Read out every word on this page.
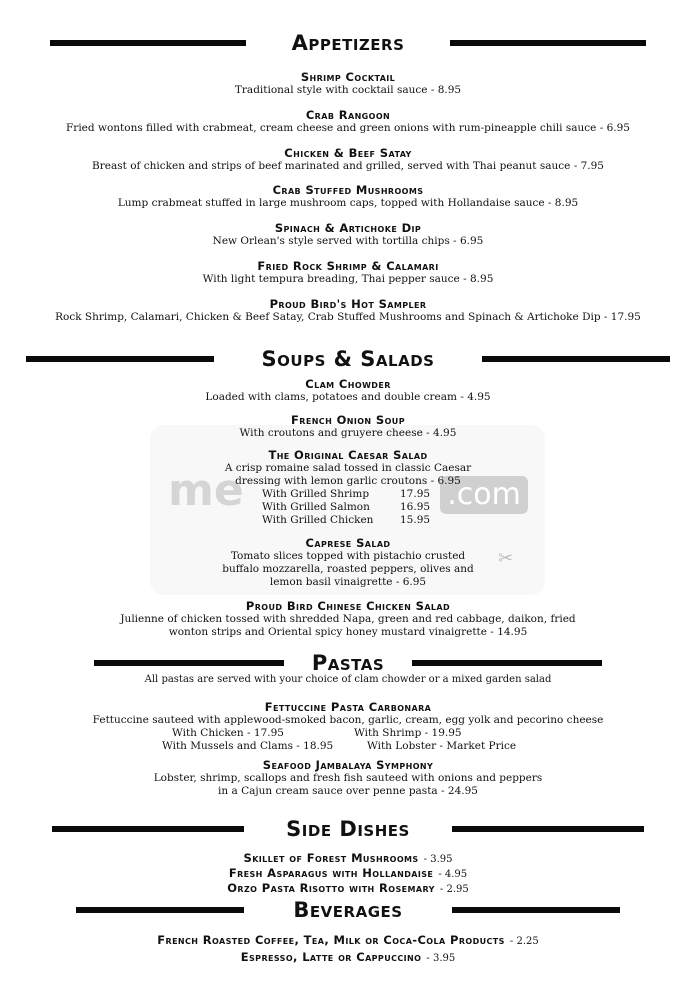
me	.com
✂
Appetizers
Shrimp Cocktail
Traditional style with cocktail sauce - 8.95
Crab Rangoon
Fried wontons filled with crabmeat, cream cheese and green onions with rum-pineapple chili sauce - 6.95
Chicken & Beef Satay
Breast of chicken and strips of beef marinated and grilled, served with Thai peanut sauce - 7.95
Crab Stuffed Mushrooms
Lump crabmeat stuffed in large mushroom caps, topped with Hollandaise sauce - 8.95
Spinach & Artichoke Dip
New Orlean's style served with tortilla chips - 6.95
Fried Rock Shrimp & Calamari
With light tempura breading, Thai pepper sauce - 8.95
Proud Bird's Hot Sampler
Rock Shrimp, Calamari, Chicken & Beef Satay, Crab Stuffed Mushrooms and Spinach & Artichoke Dip - 17.95
Soups & Salads
Clam Chowder
Loaded with clams, potatoes and double cream - 4.95
French Onion Soup
With croutons and gruyere cheese - 4.95
The Original Caesar Salad
A crisp romaine salad tossed in classic Caesar
dressing with lemon garlic croutons - 6.95
With Grilled Shrimp	17.95
With Grilled Salmon	16.95
With Grilled Chicken	15.95
Caprese Salad
Tomato slices topped with pistachio crusted
buffalo mozzarella, roasted peppers, olives and
lemon basil vinaigrette - 6.95
Proud Bird Chinese Chicken Salad
Julienne of chicken tossed with shredded Napa, green and red cabbage, daikon, fried
wonton strips and Oriental spicy honey mustard vinaigrette - 14.95
Pastas
All pastas are served with your choice of clam chowder or a mixed garden salad
Fettuccine Pasta Carbonara
Fettuccine sauteed with applewood-smoked bacon, garlic, cream, egg yolk and pecorino cheese
With Chicken - 17.95	With Shrimp - 19.95
With Mussels and Clams - 18.95	With Lobster - Market Price
Seafood Jambalaya Symphony
Lobster, shrimp, scallops and fresh fish sauteed with onions and peppers
in a Cajun cream sauce over penne pasta - 24.95
Side Dishes
Skillet of Forest Mushrooms - 3.95
Fresh Asparagus with Hollandaise - 4.95
Orzo Pasta Risotto with Rosemary - 2.95
Beverages
French Roasted Coffee, Tea, Milk or Coca-Cola Products - 2.25
Espresso, Latte or Cappuccino - 3.95
